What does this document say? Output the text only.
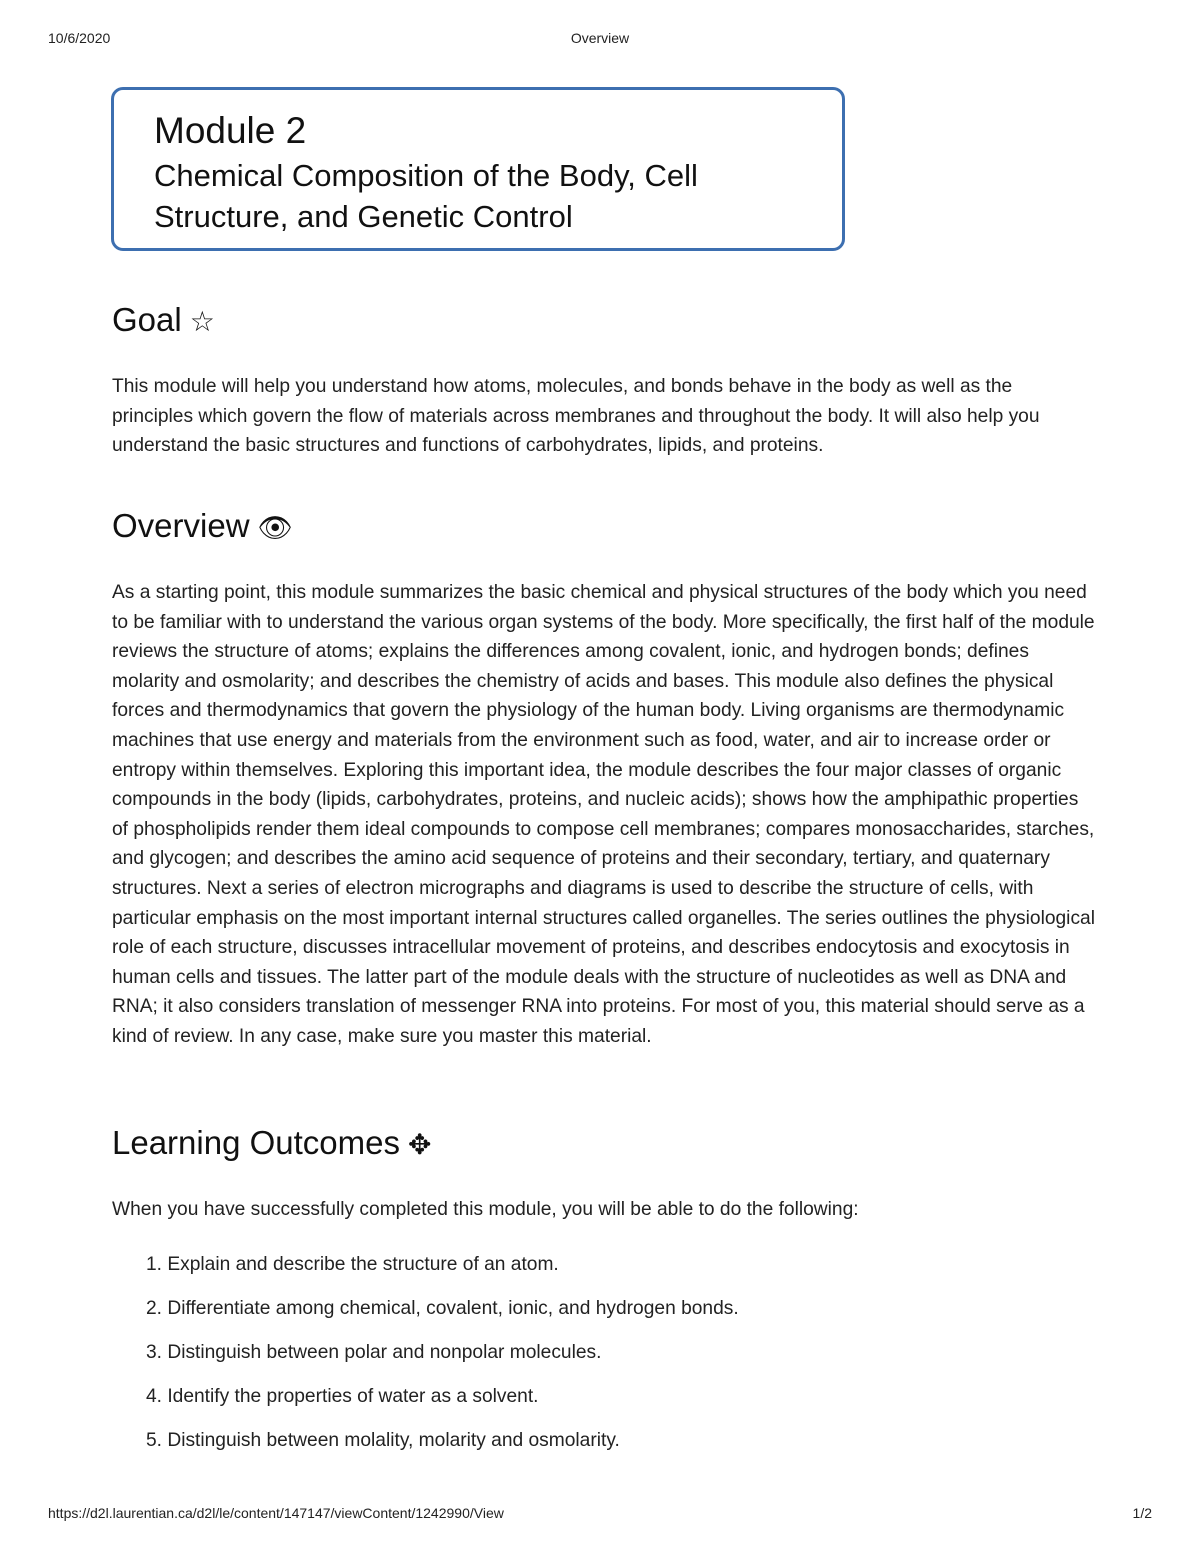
10/6/2020	Overview
Module 2
Chemical Composition of the Body, Cell Structure, and Genetic Control
Goal ☆
This module will help you understand how atoms, molecules, and bonds behave in the body as well as the principles which govern the flow of materials across membranes and throughout the body. It will also help you understand the basic structures and functions of carbohydrates, lipids, and proteins.
Overview 👁
As a starting point, this module summarizes the basic chemical and physical structures of the body which you need to be familiar with to understand the various organ systems of the body. More specifically, the first half of the module reviews the structure of atoms; explains the differences among covalent, ionic, and hydrogen bonds; defines molarity and osmolarity; and describes the chemistry of acids and bases. This module also defines the physical forces and thermodynamics that govern the physiology of the human body. Living organisms are thermodynamic machines that use energy and materials from the environment such as food, water, and air to increase order or entropy within themselves. Exploring this important idea, the module describes the four major classes of organic compounds in the body (lipids, carbohydrates, proteins, and nucleic acids); shows how the amphipathic properties of phospholipids render them ideal compounds to compose cell membranes; compares monosaccharides, starches, and glycogen; and describes the amino acid sequence of proteins and their secondary, tertiary, and quaternary structures. Next a series of electron micrographs and diagrams is used to describe the structure of cells, with particular emphasis on the most important internal structures called organelles. The series outlines the physiological role of each structure, discusses intracellular movement of proteins, and describes endocytosis and exocytosis in human cells and tissues. The latter part of the module deals with the structure of nucleotides as well as DNA and RNA; it also considers translation of messenger RNA into proteins. For most of you, this material should serve as a kind of review. In any case, make sure you master this material.
Learning Outcomes ✥
When you have successfully completed this module, you will be able to do the following:
1. Explain and describe the structure of an atom.
2. Differentiate among chemical, covalent, ionic, and hydrogen bonds.
3. Distinguish between polar and nonpolar molecules.
4. Identify the properties of water as a solvent.
5. Distinguish between molality, molarity and osmolarity.
https://d2l.laurentian.ca/d2l/le/content/147147/viewContent/1242990/View	1/2
